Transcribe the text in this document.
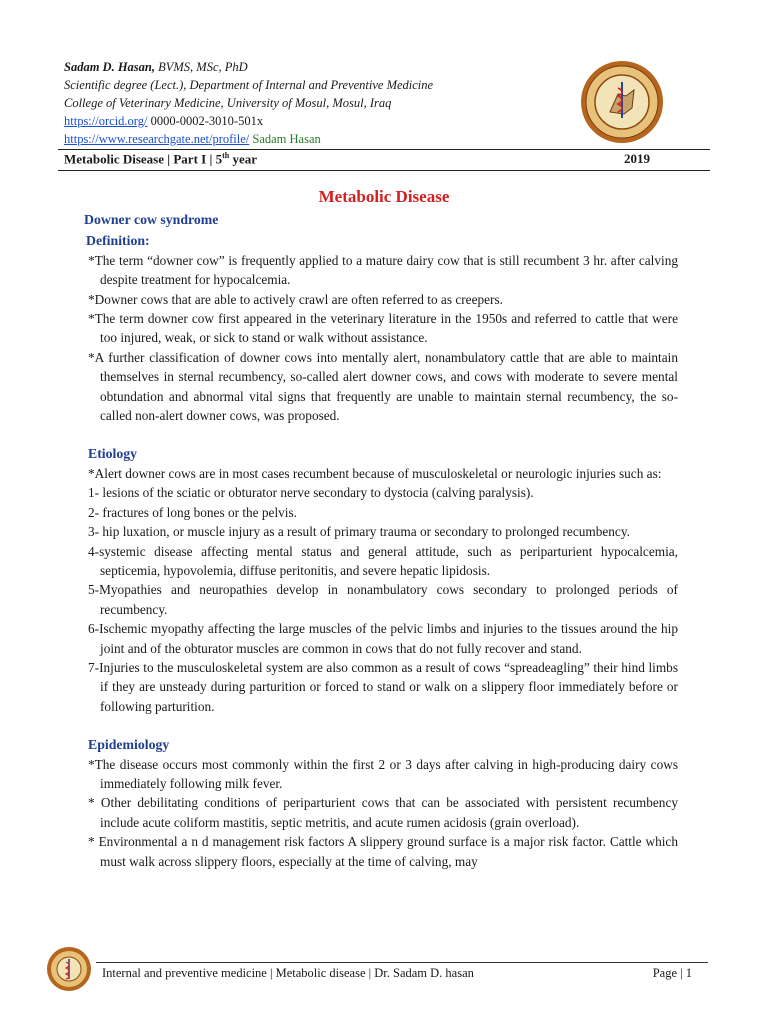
Sadam D. Hasan, BVMS, MSc, PhD
Scientific degree (Lect.), Department of Internal and Preventive Medicine
College of Veterinary Medicine, University of Mosul, Mosul, Iraq
https://orcid.org/ 0000-0002-3010-501x
https://www.researchgate.net/profile/ Sadam Hasan
Metabolic Disease | Part I | 5th year	2019
Metabolic Disease
Downer cow syndrome
Definition:

*The term “downer cow” is frequently applied to a mature dairy cow that is still recumbent 3 hr. after calving despite treatment for hypocalcemia.

*Downer cows that are able to actively crawl are often referred to as creepers.

*The term downer cow first appeared in the veterinary literature in the 1950s and referred to cattle that were too injured, weak, or sick to stand or walk without assistance.

*A further classification of downer cows into mentally alert, nonambulatory cattle that are able to maintain themselves in sternal recumbency, so-called alert downer cows, and cows with moderate to severe mental obtundation and abnormal vital signs that frequently are unable to maintain sternal recumbency, the so-called non-alert downer cows, was proposed.

Etiology

*Alert downer cows are in most cases recumbent because of musculoskeletal or neurologic injuries such as:

1- lesions of the sciatic or obturator nerve secondary to dystocia (calving paralysis).

2- fractures of long bones or the pelvis.

3- hip luxation, or muscle injury as a result of primary trauma or secondary to prolonged recumbency.

4-systemic disease affecting mental status and general attitude, such as periparturient hypocalcemia, septicemia, hypovolemia, diffuse peritonitis, and severe hepatic lipidosis.

5-Myopathies and neuropathies develop in nonambulatory cows secondary to prolonged periods of recumbency.

6-Ischemic myopathy affecting the large muscles of the pelvic limbs and injuries to the tissues around the hip joint and of the obturator muscles are common in cows that do not fully recover and stand.

7-Injuries to the musculoskeletal system are also common as a result of cows “spreadeagling” their hind limbs if they are unsteady during parturition or forced to stand or walk on a slippery floor immediately before or following parturition.

Epidemiology

*The disease occurs most commonly within the first 2 or 3 days after calving in high-producing dairy cows immediately following milk fever.

* Other debilitating conditions of periparturient cows that can be associated with persistent recumbency include acute coliform mastitis, septic metritis, and acute rumen acidosis (grain overload).

* Environmental a n d management risk factors A slippery ground surface is a major risk factor. Cattle which must walk across slippery floors, especially at the time of calving, may

Internal and preventive medicine | Metabolic disease | Dr. Sadam D. hasan	Page | 1
